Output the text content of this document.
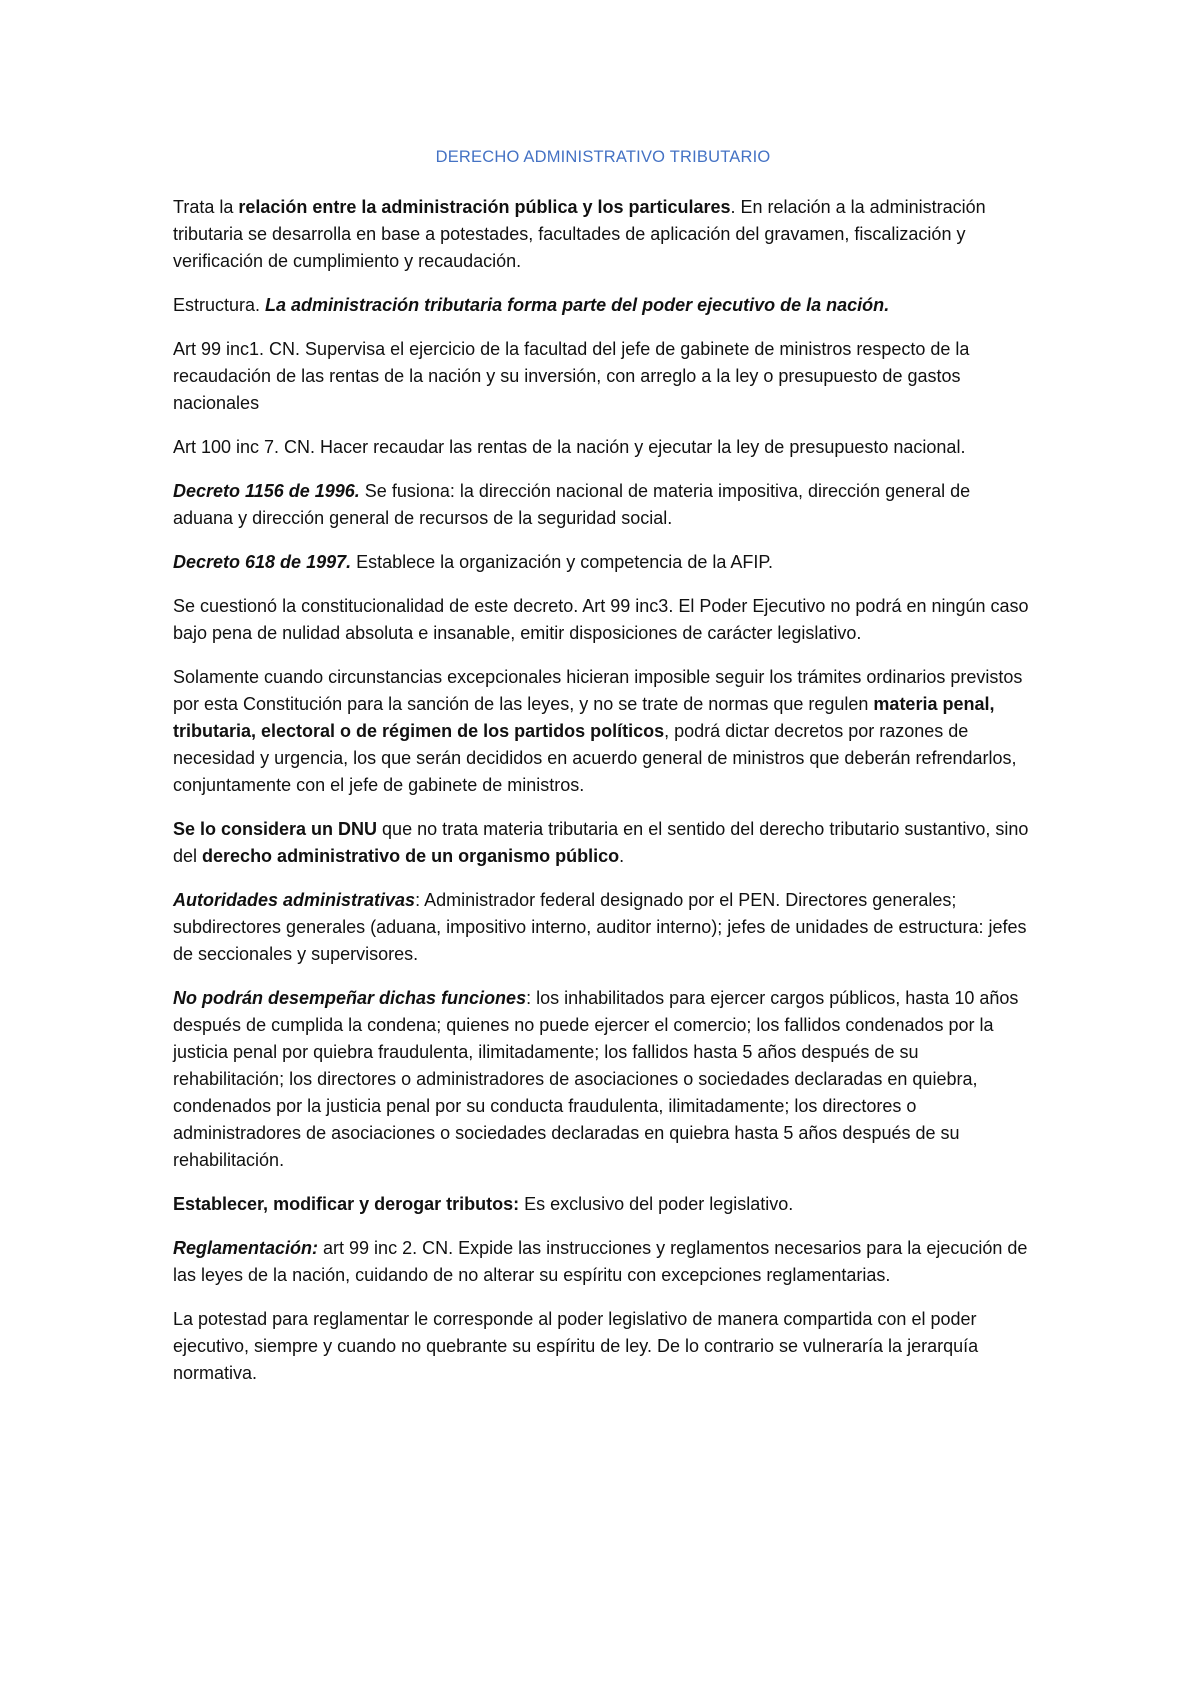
DERECHO ADMINISTRATIVO TRIBUTARIO

Trata la relación entre la administración pública y los particulares. En relación a la administración tributaria se desarrolla en base a potestades, facultades de aplicación del gravamen, fiscalización y verificación de cumplimiento y recaudación.

Estructura. La administración tributaria forma parte del poder ejecutivo de la nación.

Art 99 inc1. CN. Supervisa el ejercicio de la facultad del jefe de gabinete de ministros respecto de la recaudación de las rentas de la nación y su inversión, con arreglo a la ley o presupuesto de gastos nacionales

Art 100 inc 7. CN. Hacer recaudar las rentas de la nación y ejecutar la ley de presupuesto nacional.

Decreto 1156 de 1996. Se fusiona: la dirección nacional de materia impositiva, dirección general de aduana y dirección general de recursos de la seguridad social.

Decreto 618 de 1997. Establece la organización y competencia de la AFIP.

Se cuestionó la constitucionalidad de este decreto. Art 99 inc3. El Poder Ejecutivo no podrá en ningún caso bajo pena de nulidad absoluta e insanable, emitir disposiciones de carácter legislativo.

Solamente cuando circunstancias excepcionales hicieran imposible seguir los trámites ordinarios previstos por esta Constitución para la sanción de las leyes, y no se trate de normas que regulen materia penal, tributaria, electoral o de régimen de los partidos políticos, podrá dictar decretos por razones de necesidad y urgencia, los que serán decididos en acuerdo general de ministros que deberán refrendarlos, conjuntamente con el jefe de gabinete de ministros.

Se lo considera un DNU que no trata materia tributaria en el sentido del derecho tributario sustantivo, sino del derecho administrativo de un organismo público.

Autoridades administrativas: Administrador federal designado por el PEN. Directores generales; subdirectores generales (aduana, impositivo interno, auditor interno); jefes de unidades de estructura: jefes de seccionales y supervisores.

No podrán desempeñar dichas funciones: los inhabilitados para ejercer cargos públicos, hasta 10 años después de cumplida la condena; quienes no puede ejercer el comercio; los fallidos condenados por la justicia penal por quiebra fraudulenta, ilimitadamente; los fallidos hasta 5 años después de su rehabilitación; los directores o administradores de asociaciones o sociedades declaradas en quiebra, condenados por la justicia penal por su conducta fraudulenta, ilimitadamente; los directores o administradores de asociaciones o sociedades declaradas en quiebra hasta 5 años después de su rehabilitación.

Establecer, modificar y derogar tributos: Es exclusivo del poder legislativo.

Reglamentación: art 99 inc 2. CN. Expide las instrucciones y reglamentos necesarios para la ejecución de las leyes de la nación, cuidando de no alterar su espíritu con excepciones reglamentarias.

La potestad para reglamentar le corresponde al poder legislativo de manera compartida con el poder ejecutivo, siempre y cuando no quebrante su espíritu de ley. De lo contrario se vulneraría la jerarquía normativa.
